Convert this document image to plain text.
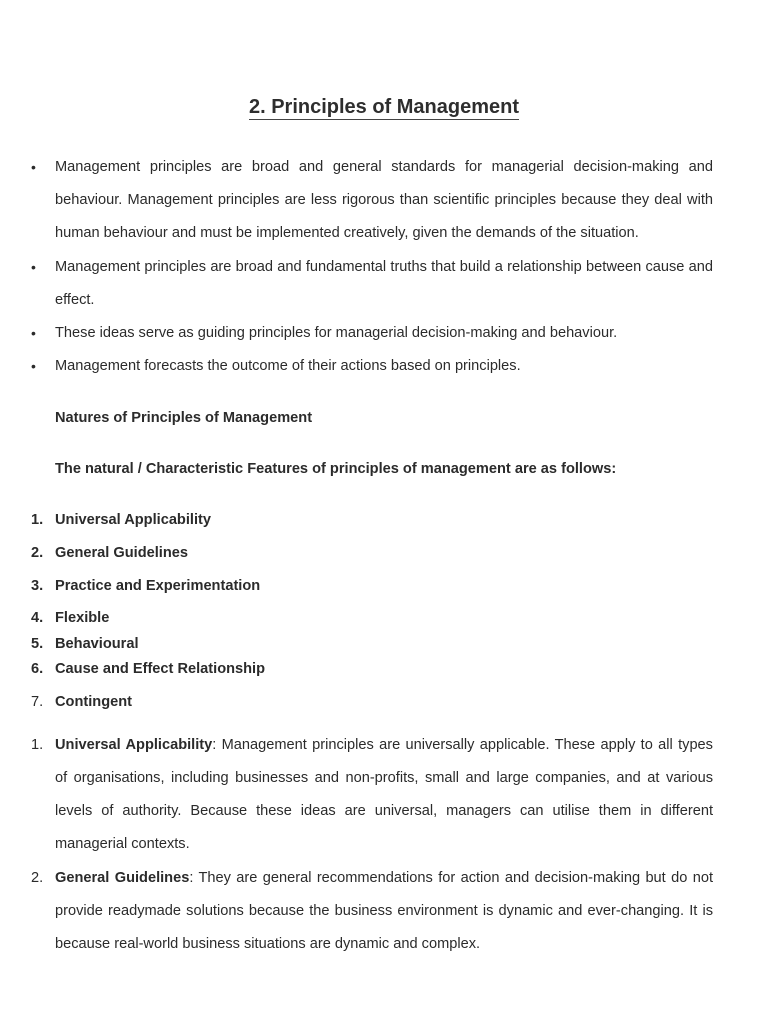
2. Principles of Management
• Management principles are broad and general standards for managerial decision-making and behaviour. Management principles are less rigorous than scientific principles because they deal with human behaviour and must be implemented creatively, given the demands of the situation.

• Management principles are broad and fundamental truths that build a relationship between cause and effect.

• These ideas serve as guiding principles for managerial decision-making and behaviour.

• Management forecasts the outcome of their actions based on principles.

Natures of Principles of Management

The natural / Characteristic Features of principles of management are as follows:

1. Universal Applicability
2. General Guidelines
3. Practice and Experimentation
4. Flexible
5. Behavioural
6. Cause and Effect Relationship
7. Contingent
1. Universal Applicability: Management principles are universally applicable. These apply to all types of organisations, including businesses and non-profits, small and large companies, and at various levels of authority. Because these ideas are universal, managers can utilise them in different managerial contexts.

2. General Guidelines: They are general recommendations for action and decision-making but do not provide readymade solutions because the business environment is dynamic and ever-changing. It is because real-world business situations are dynamic and complex.
